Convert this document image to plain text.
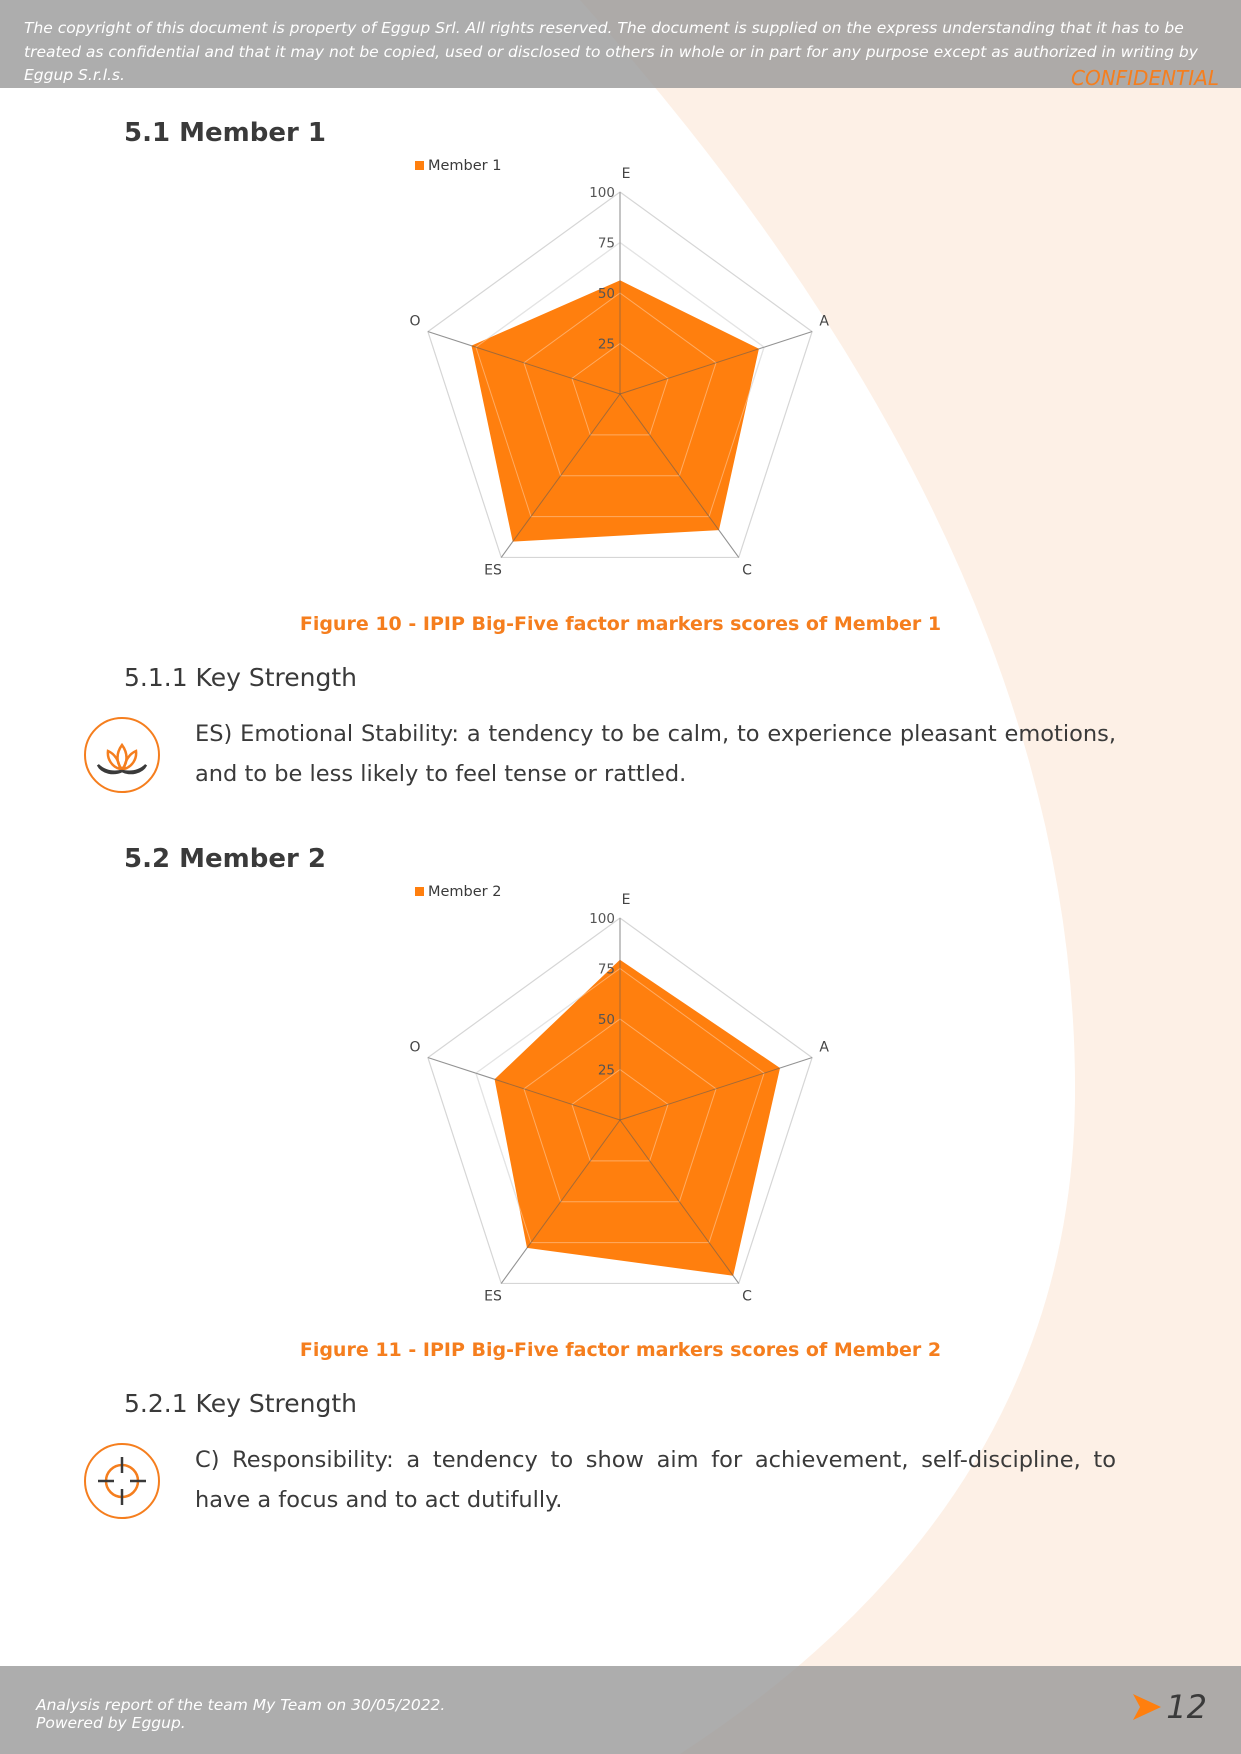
The copyright of this document is property of Eggup Srl. All rights reserved. The document is supplied on the express understanding that it has to be treated as confidential and that it may not be copied, used or disclosed to others in whole or in part for any purpose except as authorized in writing by Eggup S.r.l.s.	CONFIDENTIAL
5.1 Member 1
Member 1
25
50
75
100
E
A
C
ES
O
Figure 10 - IPIP Big-Five factor markers scores of Member 1
5.1.1 Key Strength
ES) Emotional Stability: a tendency to be calm, to experience pleasant emotions, and to be less likely to feel tense or rattled.
5.2 Member 2
Member 2
25
50
75
100
E
A
C
ES
O
Figure 11 - IPIP Big-Five factor markers scores of Member 2
5.2.1 Key Strength
C) Responsibility: a tendency to show aim for achievement, self-discipline, to have a focus and to act dutifully.
Analysis report of the team My Team on 30/05/2022.
Powered by Eggup.	12
